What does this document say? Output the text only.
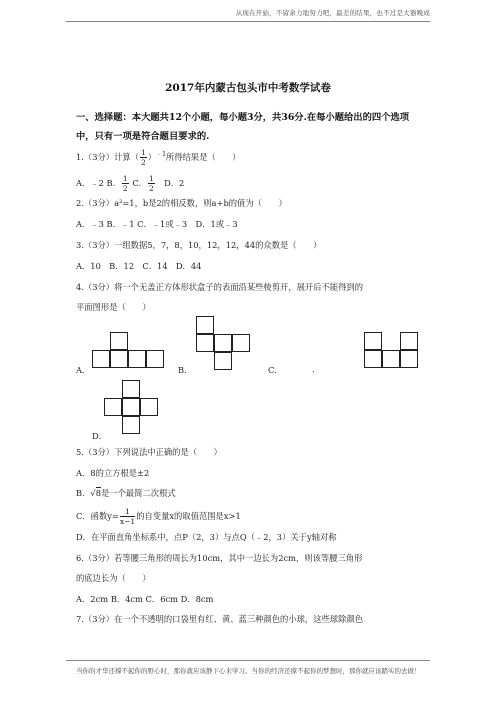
从现在开始，不留余力地努力吧，最差的结果，也不过是大器晚成
2017年内蒙古包头市中考数学试卷
一、选择题：本大题共12个小题，每小题3分，共36分.在每小题给出的四个选项中，只有一项是符合题目要求的.
1.（3分）计算（ $\frac{1}{2} )^{﹣1}$所得结果是（　　）
A．﹣2 B． $\frac{1}{2}$ C． $\frac{1}{2}$ 　D．2
2.（3分）a²=1，b是2的相反数，则a+b的值为（　　）
A．﹣3 B．﹣1 C．﹣1或﹣3　D．1或﹣3
3.（3分）一组数据5，7，8，10，12，12，44的众数是（　　）
A．10　B．12　C．14　D．44
4.（3分）将一个无盖正方体形状盒子的表面沿某些棱剪开，展开后不能得到的
平面图形是（　　）
A．	B．	C．	.
D．
5.（3分）下列说法中正确的是（　　）
A．8的立方根是±2
B．√8是一个最简二次根式
C．函数$y= \frac{1}{x-1}$ 的自变量x的取值范围是x>1
D．在平面直角坐标系中，点P（2，3）与点Q（﹣2，3）关于y轴对称
6.（3分）若等腰三角形的周长为10cm，其中一边长为2cm，则该等腰三角形
的底边长为（　　）
A．2cm B．4cm C．6cm D．8cm
7.（3分）在一个不透明的口袋里有红、黄、蓝三种颜色的小球，这些球除颜色
当你的才华还撑不起你的野心时，那你就应该静下心来学习。当你的经济还撑不起你的梦想时，那你就应该踏实的去做！
